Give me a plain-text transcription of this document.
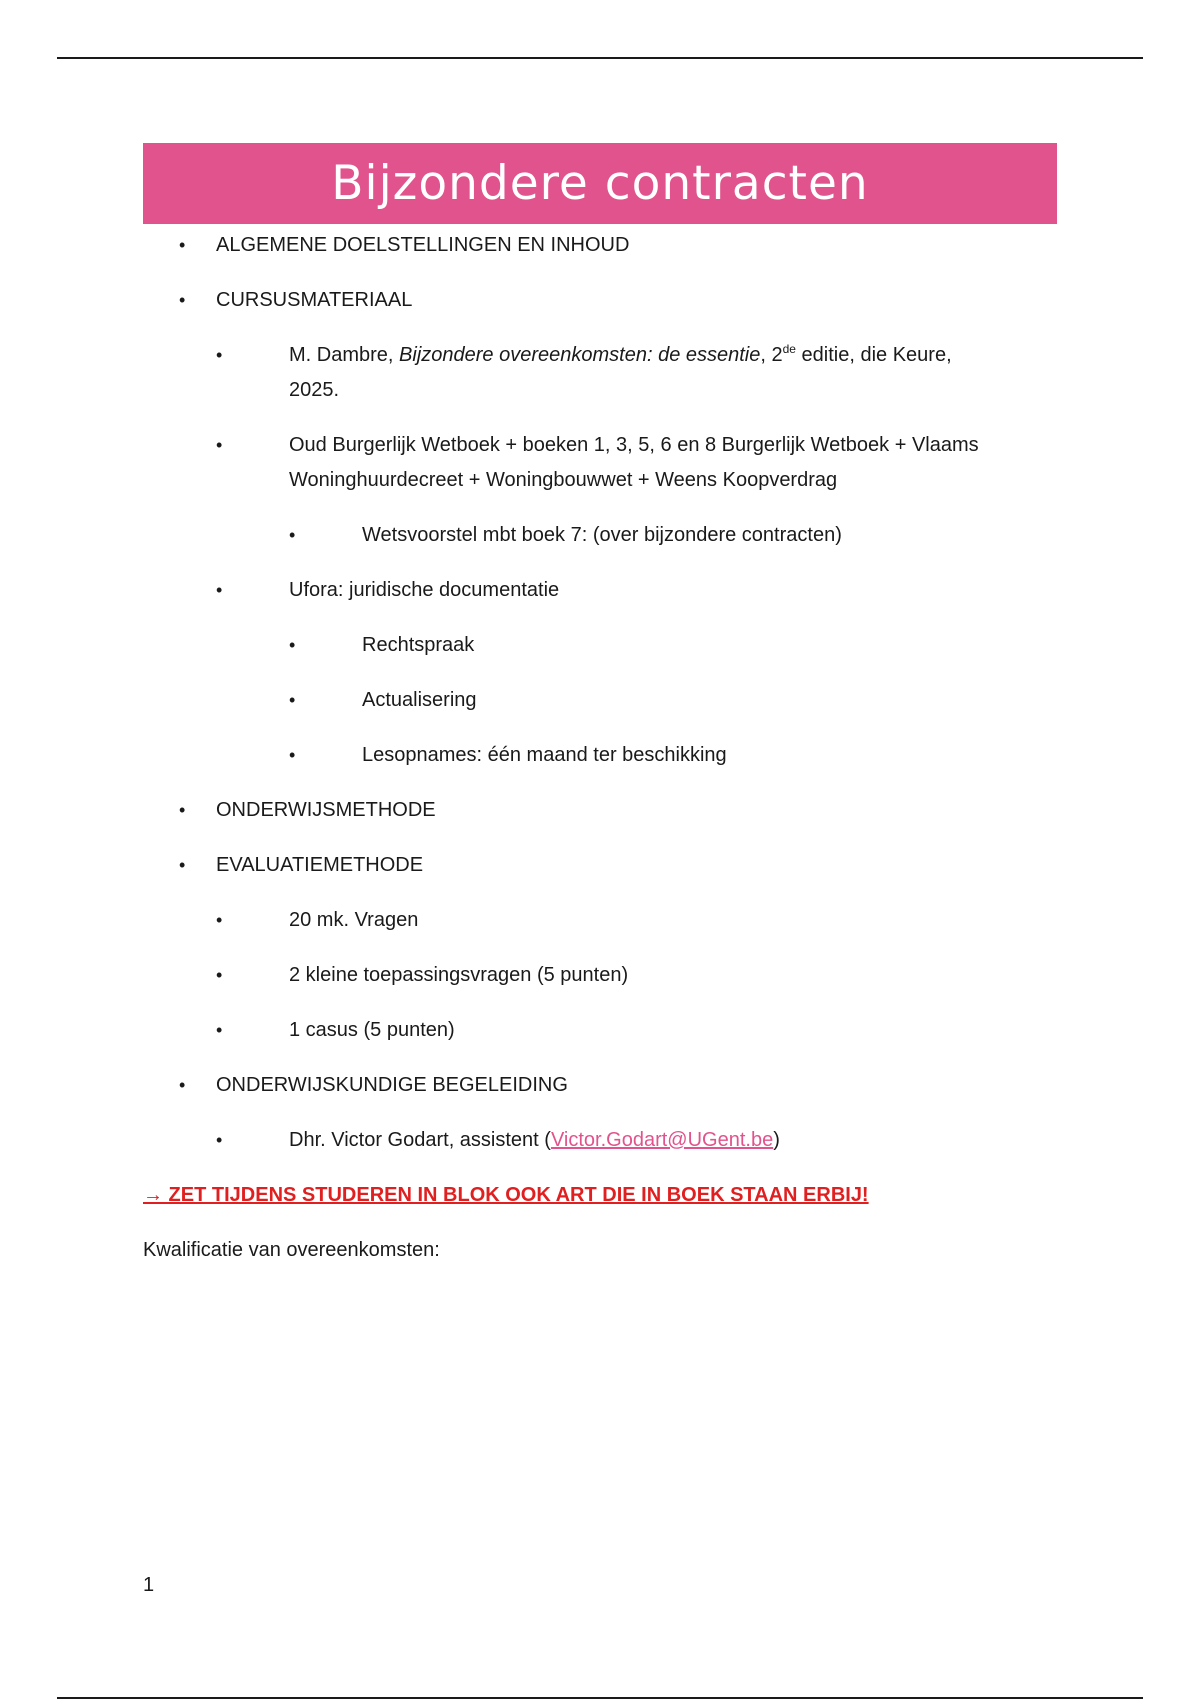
Bijzondere contracten
• ALGEMENE DOELSTELLINGEN EN INHOUD
• CURSUSMATERIAAL
• M. Dambre, Bijzondere overeenkomsten: de essentie, 2de editie, die Keure,
2025.
• Oud Burgerlijk Wetboek + boeken 1, 3, 5, 6 en 8 Burgerlijk Wetboek + Vlaams
Woninghuurdecreet + Woningbouwwet + Weens Koopverdrag
• Wetsvoorstel mbt boek 7: (over bijzondere contracten)
• Ufora: juridische documentatie
• Rechtspraak
• Actualisering
• Lesopnames: één maand ter beschikking
• ONDERWIJSMETHODE
• EVALUATIEMETHODE
• 20 mk. Vragen
• 2 kleine toepassingsvragen (5 punten)
• 1 casus (5 punten)
• ONDERWIJSKUNDIGE BEGELEIDING
• Dhr. Victor Godart, assistent (Victor.Godart@UGent.be)
→ ZET TIJDENS STUDEREN IN BLOK OOK ART DIE IN BOEK STAAN ERBIJ!
Kwalificatie van overeenkomsten:
1
